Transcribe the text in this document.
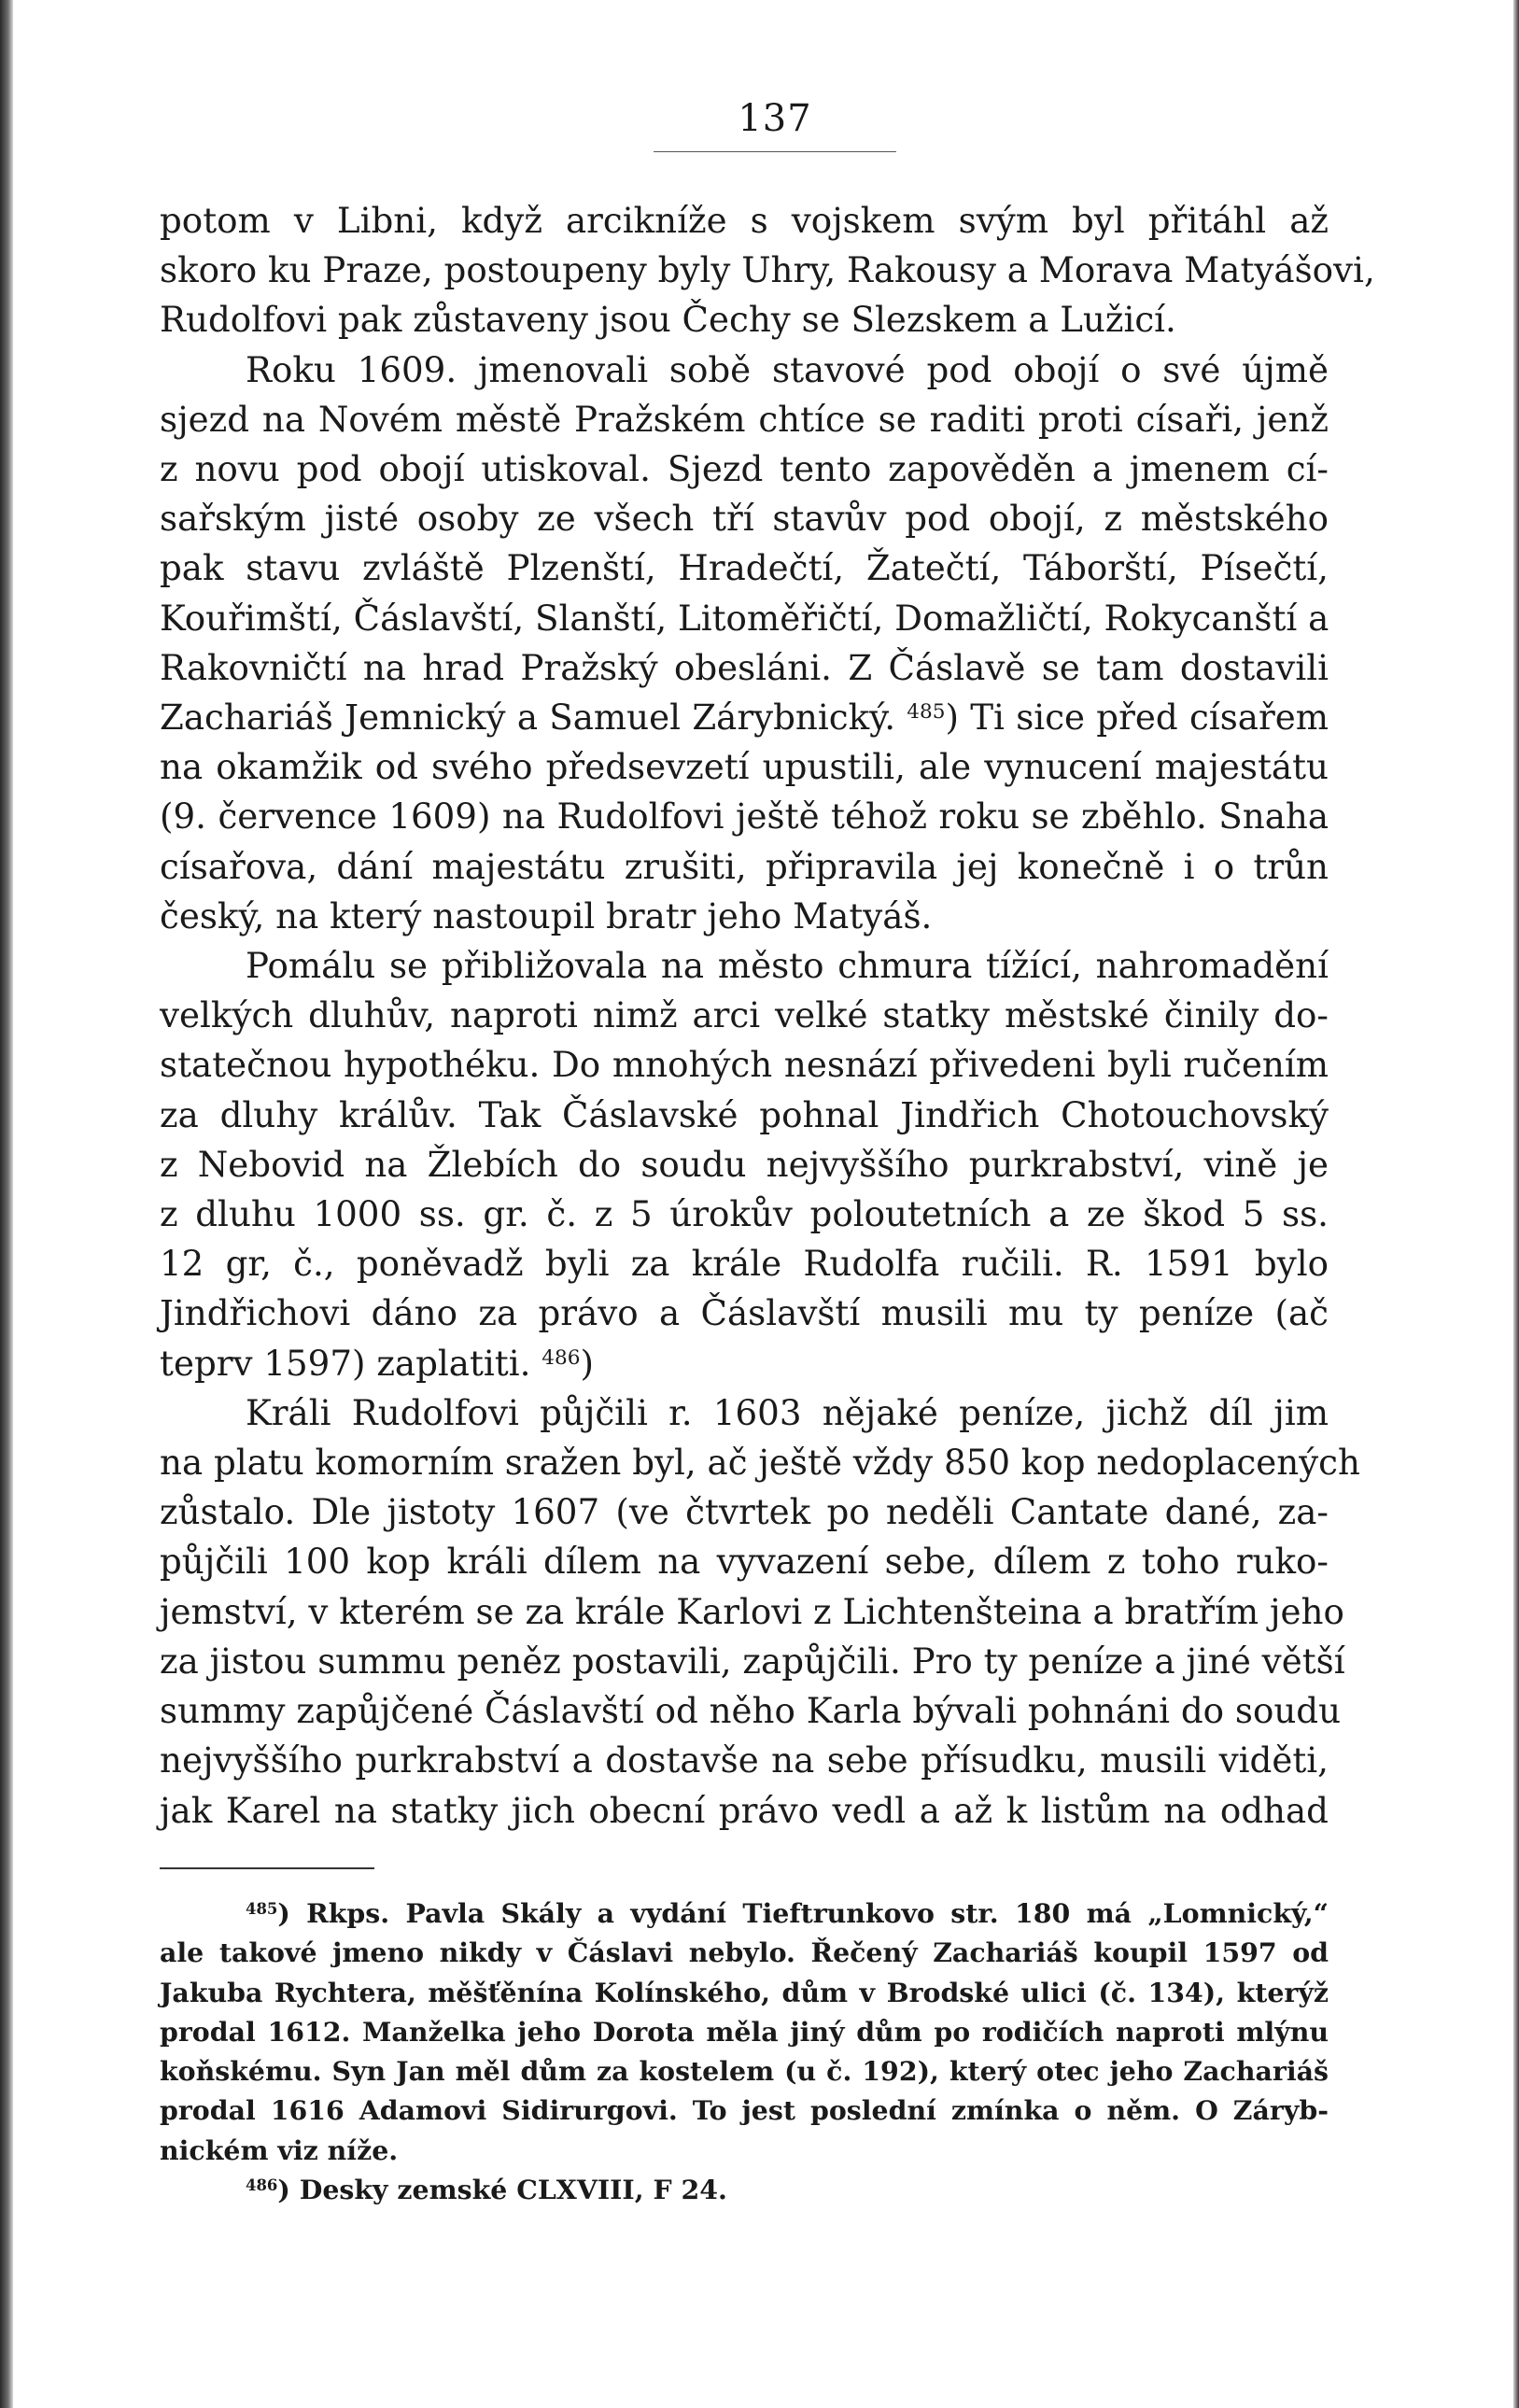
137
potom v Libni, když arcikníže s vojskem svým byl přitáhl až
skoro ku Praze, postoupeny byly Uhry, Rakousy a Morava Matyášovi,
Rudolfovi pak zůstaveny jsou Čechy se Slezskem a Lužicí.
Roku 1609. jmenovali sobě stavové pod obojí o své újmě
sjezd na Novém městě Pražském chtíce se raditi proti císaři, jenž
z novu pod obojí utiskoval. Sjezd tento zapověděn a jmenem cí-
sařským jisté osoby ze všech tří stavův pod obojí, z městského
pak stavu zvláště Plzenští, Hradečtí, Žatečtí, Táborští, Písečtí,
Kouřimští, Čáslavští, Slanští, Litoměřičtí, Domažličtí, Rokycanští a
Rakovničtí na hrad Pražský obesláni. Z Čáslavě se tam dostavili
Zachariáš Jemnický a Samuel Zárybnický. $^{485}$) Ti sice před císařem
na okamžik od svého předsevzetí upustili, ale vynucení majestátu
(9. července 1609) na Rudolfovi ještě téhož roku se zběhlo. Snaha
císařova, dání majestátu zrušiti, připravila jej konečně i o trůn
český, na který nastoupil bratr jeho Matyáš.
Pomálu se přibližovala na město chmura tížící, nahromadění
velkých dluhův, naproti nimž arci velké statky městské činily do-
statečnou hypothéku. Do mnohých nesnází přivedeni byli ručením
za dluhy králův. Tak Čáslavské pohnal Jindřich Chotouchovský
z Nebovid na Žlebích do soudu nejvyššího purkrabství, vině je
z dluhu 1000 ss. gr. č. z 5 úrokův poloutetních a ze škod 5 ss.
12 gr, č., poněvadž byli za krále Rudolfa ručili. R. 1591 bylo
Jindřichovi dáno za právo a Čáslavští musili mu ty peníze (ač
teprv 1597) zaplatiti. $^{486}$)
Králi Rudolfovi půjčili r. 1603 nějaké peníze, jichž díl jim
na platu komorním sražen byl, ač ještě vždy 850 kop nedoplacených
zůstalo. Dle jistoty 1607 (ve čtvrtek po neděli Cantate dané, za-
půjčili 100 kop králi dílem na vyvazení sebe, dílem z toho ruko-
jemství, v kterém se za krále Karlovi z Lichtenšteina a bratřím jeho
za jistou summu peněz postavili, zapůjčili. Pro ty peníze a jiné větší
summy zapůjčené Čáslavští od něho Karla bývali pohnáni do soudu
nejvyššího purkrabství a dostavše na sebe přísudku, musili viděti,
jak Karel na statky jich obecní právo vedl a až k listům na odhad
$^{485}$) Rkps. Pavla Skály a vydání Tieftrunkovo str. 180 má „Lomnický,“
ale takové jmeno nikdy v Čáslavi nebylo. Řečený Zachariáš koupil 1597 od
Jakuba Rychtera, měšťěnína Kolínského, dům v Brodské ulici (č. 134), kterýž
prodal 1612. Manželka jeho Dorota měla jiný dům po rodičích naproti mlýnu
koňskému. Syn Jan měl dům za kostelem (u č. 192), který otec jeho Zachariáš
prodal 1616 Adamovi Sidirurgovi. To jest poslední zmínka o něm. O Záryb-
nickém viz níže.
$^{486}$) Desky zemské CLXVIII, F 24.
